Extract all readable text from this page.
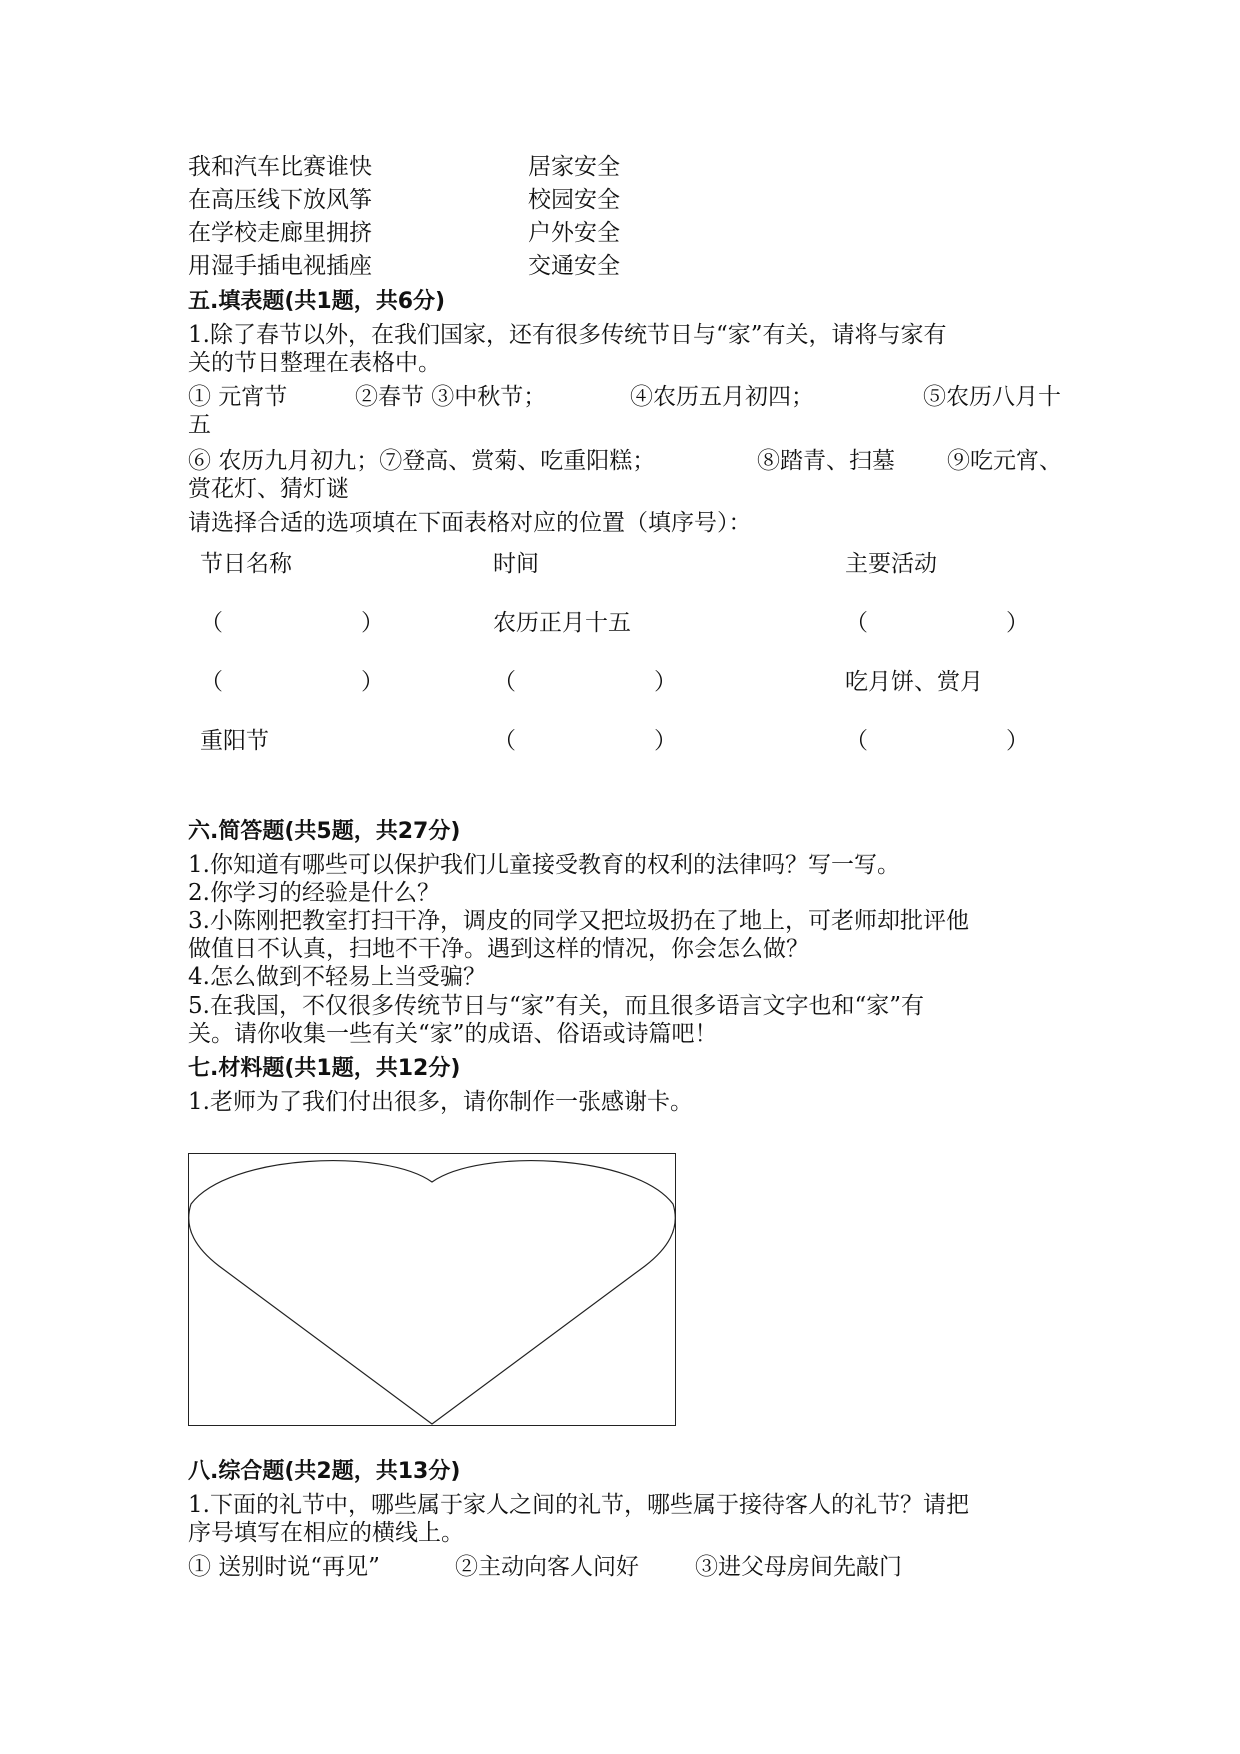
我和汽车比赛谁快	居家安全
在高压线下放风筝	校园安全
在学校走廊里拥挤	户外安全
用湿手插电视插座	交通安全
五.填表题(共1题，共6分)
1.除了春节以外，在我们国家，还有很多传统节日与“家”有关，请将与家有
关的节日整理在表格中。
① 元宵节	②春节 ③中秋节；	④农历五月初四；	⑤农历八月十
五
⑥ 农历九月初九；⑦登高、赏菊、吃重阳糕；	⑧踏青、扫墓 ⑨吃元宵、
赏花灯、猜灯谜
请选择合适的选项填在下面表格对应的位置（填序号）：
节日名称	时间	主要活动
（　　　　　　）	农历正月十五	（　　　　　　）
（　　　　　　）	（　　　　　　）	吃月饼、赏月
重阳节	（　　　　　　）	（　　　　　　）
六.简答题(共5题，共27分)
1.你知道有哪些可以保护我们儿童接受教育的权利的法律吗？写一写。
2.你学习的经验是什么？
3.小陈刚把教室打扫干净，调皮的同学又把垃圾扔在了地上，可老师却批评他
做值日不认真，扫地不干净。遇到这样的情况，你会怎么做？
4.怎么做到不轻易上当受骗？
5.在我国，不仅很多传统节日与“家”有关，而且很多语言文字也和“家”有
关。请你收集一些有关“家”的成语、俗语或诗篇吧！
七.材料题(共1题，共12分)
1.老师为了我们付出很多，请你制作一张感谢卡。
八.综合题(共2题，共13分)
1.下面的礼节中，哪些属于家人之间的礼节，哪些属于接待客人的礼节？请把
序号填写在相应的横线上。
① 送别时说“再见”	②主动向客人问好 ③进父母房间先敲门
